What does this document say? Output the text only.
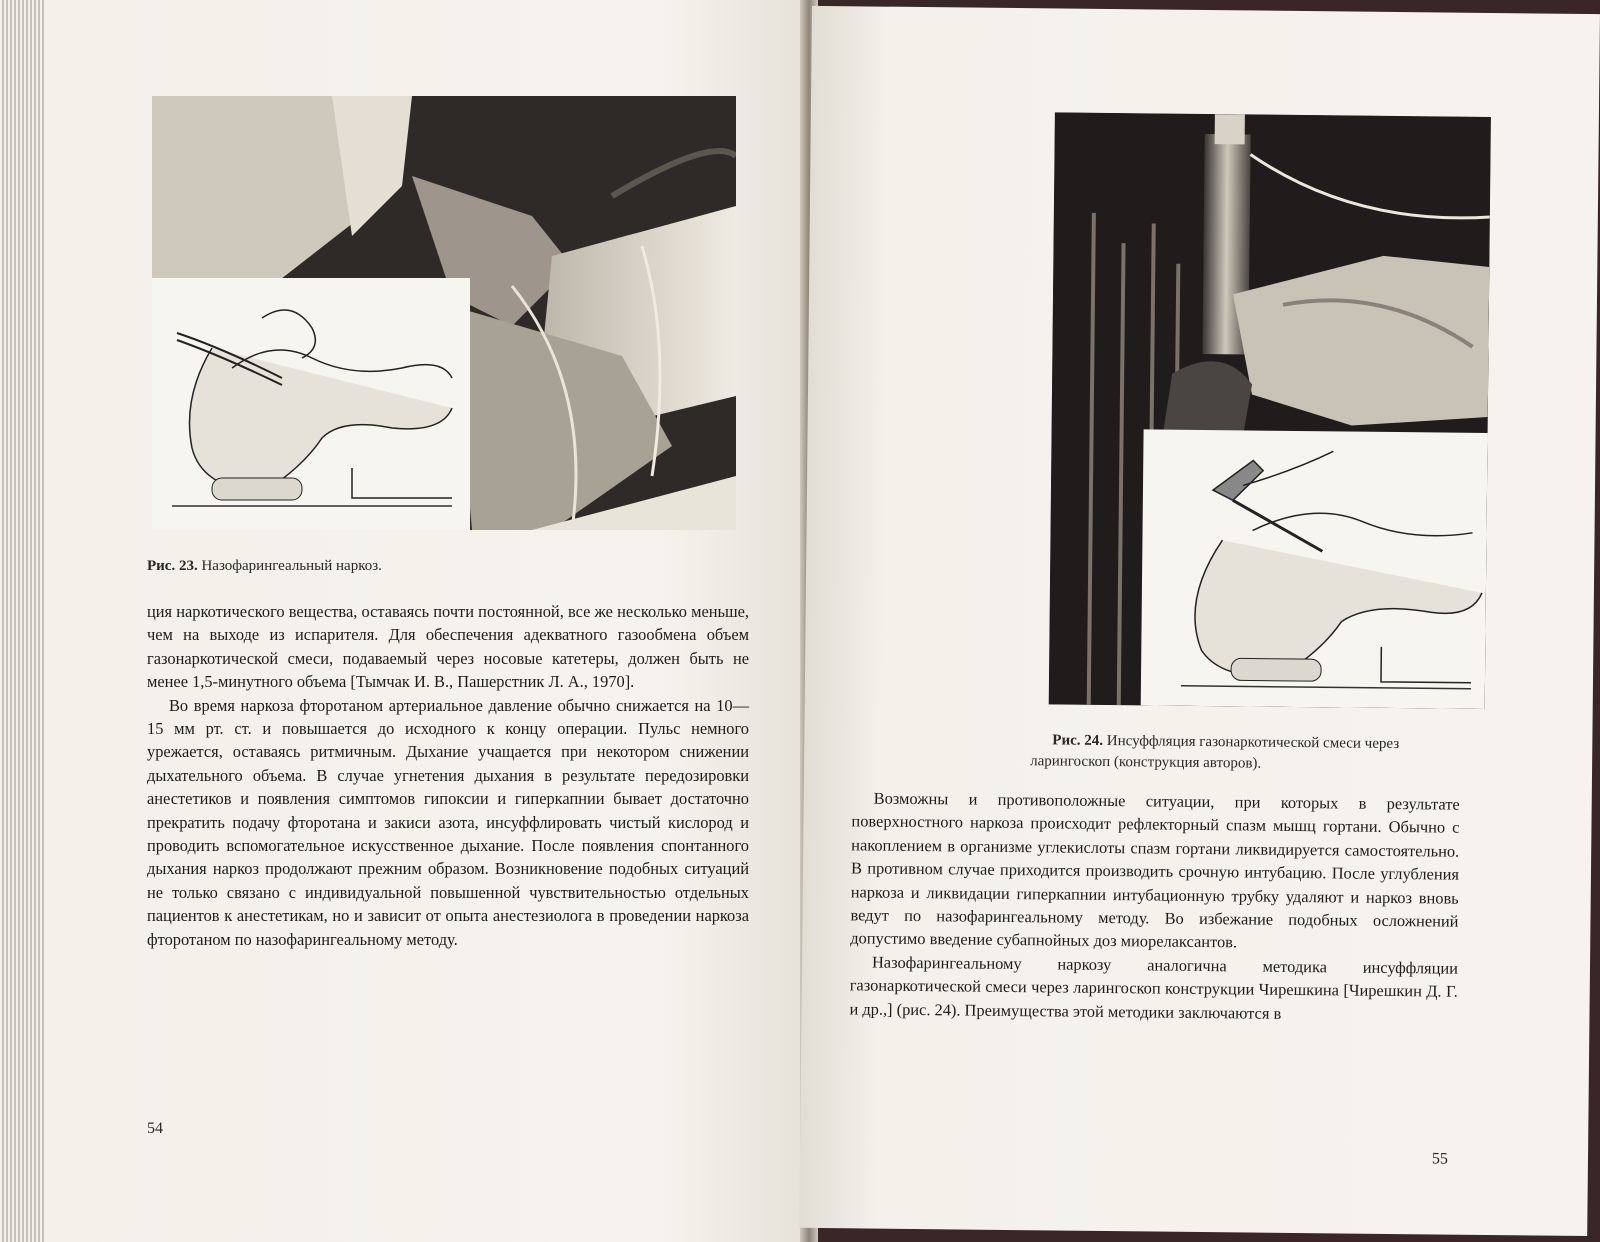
Рис. 23. Назофарингеальный наркоз.

ция наркотического вещества, оставаясь почти постоянной, все же несколько меньше, чем на выходе из испарителя. Для обеспечения адекватного газообмена объем газонаркотической смеси, подаваемый через носовые катетеры, должен быть не менее 1,5-минутного объема [Тымчак И. В., Пашерстник Л. А., 1970].

Во время наркоза фторотаном артериальное давление обычно снижается на 10—15 мм рт. ст. и повышается до исходного к концу операции. Пульс немного урежается, оставаясь ритмичным. Дыхание учащается при некотором снижении дыхательного объема. В случае угнетения дыхания в результате передозировки анестетиков и появления симптомов гипоксии и гиперкапнии бывает достаточно прекратить подачу фторотана и закиси азота, инсуффлировать чистый кислород и проводить вспомогательное искусственное дыхание. После появления спонтанного дыхания наркоз продолжают прежним образом. Возникновение подобных ситуаций не только связано с индивидуальной повышенной чувствительностью отдельных пациентов к анестетикам, но и зависит от опыта анестезиолога в проведении наркоза фторотаном по назофарингеальному методу.

54
Рис. 24. Инсуффляция газонаркотической смеси через ларингоскоп (конструкция авторов).

Возможны и противоположные ситуации, при которых в результате поверхностного наркоза происходит рефлекторный спазм мышц гортани. Обычно с накоплением в организме углекислоты спазм гортани ликвидируется самостоятельно. В противном случае приходится производить срочную интубацию. После углубления наркоза и ликвидации гиперкапнии интубационную трубку удаляют и наркоз вновь ведут по назофарингеальному методу. Во избежание подобных осложнений допустимо введение субапнойных доз миорелаксантов.

Назофарингеальному наркозу аналогична методика инсуффляции газонаркотической смеси через ларингоскоп конструкции Чирешкина [Чирешкин Д. Г. и др.,] (рис. 24). Преимущества этой методики заключаются в

55
